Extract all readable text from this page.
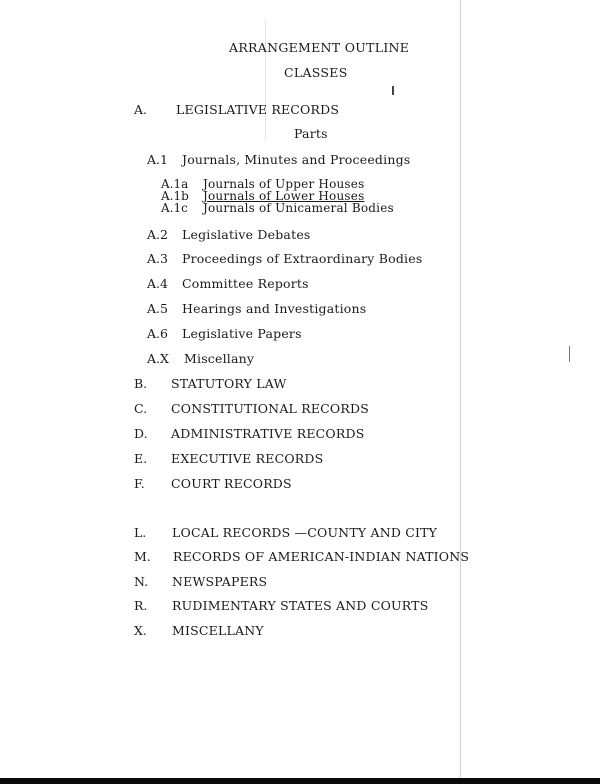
ARRANGEMENT OUTLINE
CLASSES
A. LEGISLATIVE RECORDS
Parts
A.1 Journals, Minutes and Proceedings
A.1a Journals of Upper Houses
A.1b Journals of Lower Houses
A.1c Journals of Unicameral Bodies
A.2 Legislative Debates
A.3 Proceedings of Extraordinary Bodies
A.4 Committee Reports
A.5 Hearings and Investigations
A.6 Legislative Papers
A.X Miscellany
B. STATUTORY LAW
C. CONSTITUTIONAL RECORDS
D. ADMINISTRATIVE RECORDS
E. EXECUTIVE RECORDS
F. COURT RECORDS
L. LOCAL RECORDS —COUNTY AND CITY
M. RECORDS OF AMERICAN-INDIAN NATIONS
N. NEWSPAPERS
R. RUDIMENTARY STATES AND COURTS
X. MISCELLANY
